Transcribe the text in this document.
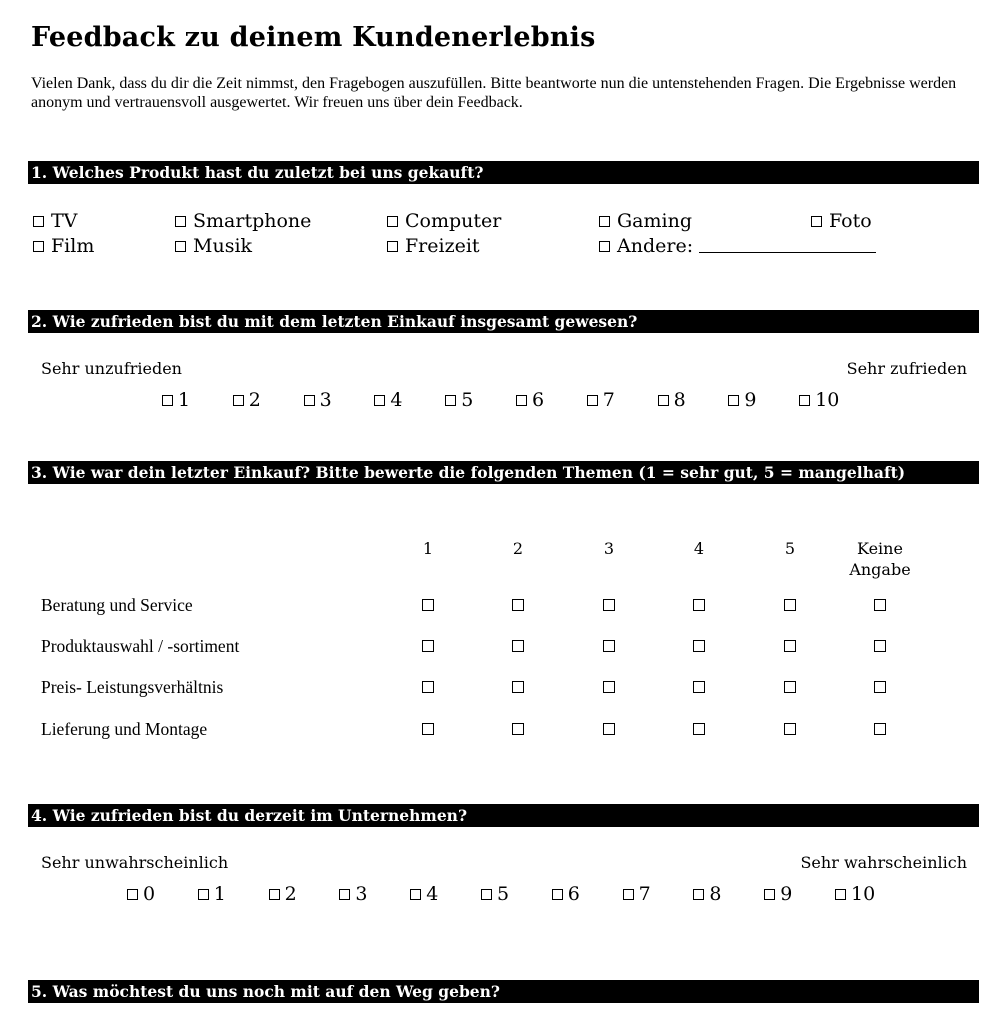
Feedback zu deinem Kundenerlebnis
Vielen Dank, dass du dir die Zeit nimmst, den Fragebogen auszufüllen. Bitte beantworte nun die untenstehenden Fragen. Die Ergebnisse werden anonym und vertrauensvoll ausgewertet. Wir freuen uns über dein Feedback.
1. Welches Produkt hast du zuletzt bei uns gekauft?
TV	Smartphone	Computer	Gaming	Foto
Film	Musik	Freizeit	Andere:
2. Wie zufrieden bist du mit dem letzten Einkauf insgesamt gewesen?
Sehr unzufrieden	Sehr zufrieden
1	2	3	4	5	6	7	8	9	10
3. Wie war dein letzter Einkauf? Bitte bewerte die folgenden Themen (1 = sehr gut, 5 = mangelhaft)
1	2	3	4	5	Keine Angabe
Beratung und Service
Produktauswahl / -sortiment
Preis- Leistungsverhältnis
Lieferung und Montage
4. Wie zufrieden bist du derzeit im Unternehmen?
Sehr unwahrscheinlich	Sehr wahrscheinlich
0	1	2	3	4	5	6	7	8	9	10
5. Was möchtest du uns noch mit auf den Weg geben?
